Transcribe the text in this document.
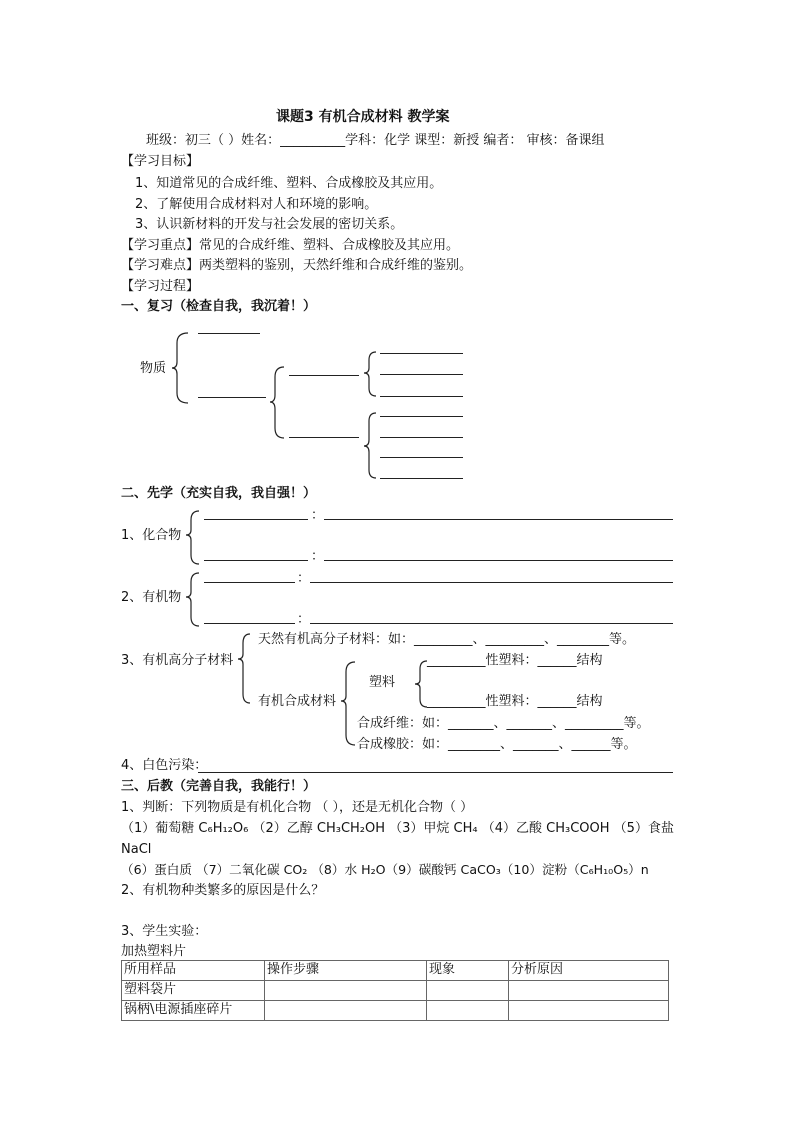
课题3 有机合成材料 教学案
班级：初三（ ）姓名：__________学科：化学 课型：新授 编者： 审核：备课组
【学习目标】
1、知道常见的合成纤维、塑料、合成橡胶及其应用。
2、了解使用合成材料对人和环境的影响。
3、认识新材料的开发与社会发展的密切关系。
【学习重点】常见的合成纤维、塑料、合成橡胶及其应用。
【学习难点】两类塑料的鉴别，天然纤维和合成纤维的鉴别。
【学习过程】
一、复习（检查自我，我沉着！）
物质
二、先学（充实自我，我自强！）
1、化合物
：
：
2、有机物
：
：
3、有机高分子材料
天然有机高分子材料：如：_________、_________、________等。
有机合成材料
塑料
_________性塑料：______结构
_________性塑料：______结构
合成纤维：如：_______、_______、_________等。
合成橡胶：如：________、_______、______等。
4、白色污染：
三、后教（完善自我，我能行！）
1、判断：下列物质是有机化合物 （ ），还是无机化合物（ ）
（1）葡萄糖 C₆H₁₂O₆ （2）乙醇 CH₃CH₂OH （3）甲烷 CH₄ （4）乙酸 CH₃COOH （5）食盐
NaCl
（6）蛋白质 （7）二氧化碳 CO₂ （8）水 H₂O（9）碳酸钙 CaCO₃（10）淀粉（C₆H₁₀O₅）n
2、有机物种类繁多的原因是什么？
3、学生实验：
加热塑料片
所用样品	操作步骤	现象	分析原因
塑料袋片			
锅柄\电源插座碎片			
